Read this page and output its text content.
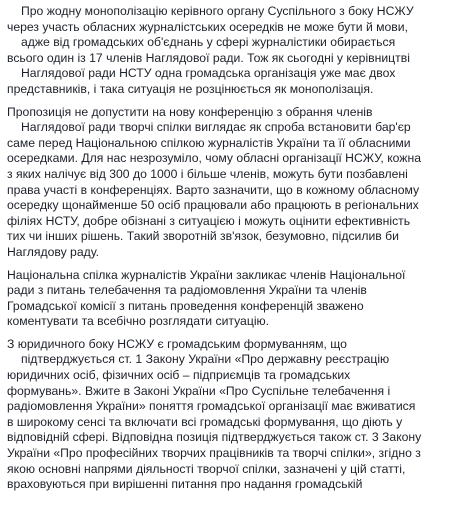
Про жодну монополізацію керівного органу Суспільного з боку НСЖУ
через участь обласних журналістських осередків не може бути й мови,
адже від громадських об'єднань у сфері журналістики обирається
всього один із 17 членів Наглядової ради. Тож як сьогодні у керівництві
Наглядової ради НСТУ одна громадська організація уже має двох
представників, і така ситуація не розцінюється як монополізація.
Пропозиція не допустити на нову конференцію з обрання членів
Наглядової ради творчі спілки виглядає як спроба встановити бар'єр
саме перед Національною спілкою журналістів України та її обласними
осередками. Для нас незрозуміло, чому обласні організації НСЖУ, кожна
з яких налічує від 300 до 1000 і більше членів, можуть бути позбавлені
права участі в конференціях. Варто зазначити, що в кожному обласному
осередку щонайменше 50 осіб працювали або працюють в регіональних
філіях НСТУ, добре обізнані з ситуацією і можуть оцінити ефективність
тих чи інших рішень. Такий зворотній зв'язок, безумовно, підсилив би
Наглядову раду.
Національна спілка журналістів України закликає членів Національної
ради з питань телебачення та радіомовлення України та членів
Громадської комісії з питань проведення конференцій зважено
коментувати та всебічно розглядати ситуацію.
З юридичного боку НСЖУ є громадським формуванням, що
підтверджується ст. 1 Закону України «Про державну реєстрацію
юридичних осіб, фізичних осіб – підприємців та громадських
формувань». Вжите в Законі України «Про Суспільне телебачення і
радіомовлення України» поняття громадської організації має вживатися
в широкому сенсі та включати всі громадські формування, що діють у
відповідній сфері. Відповідна позиція підтверджується також ст. 3 Закону
України «Про професійних творчих працівників та творчі спілки», згідно з
якою основні напрями діяльності творчої спілки, зазначені у цій статті,
враховуються при вирішенні питання про надання громадській
